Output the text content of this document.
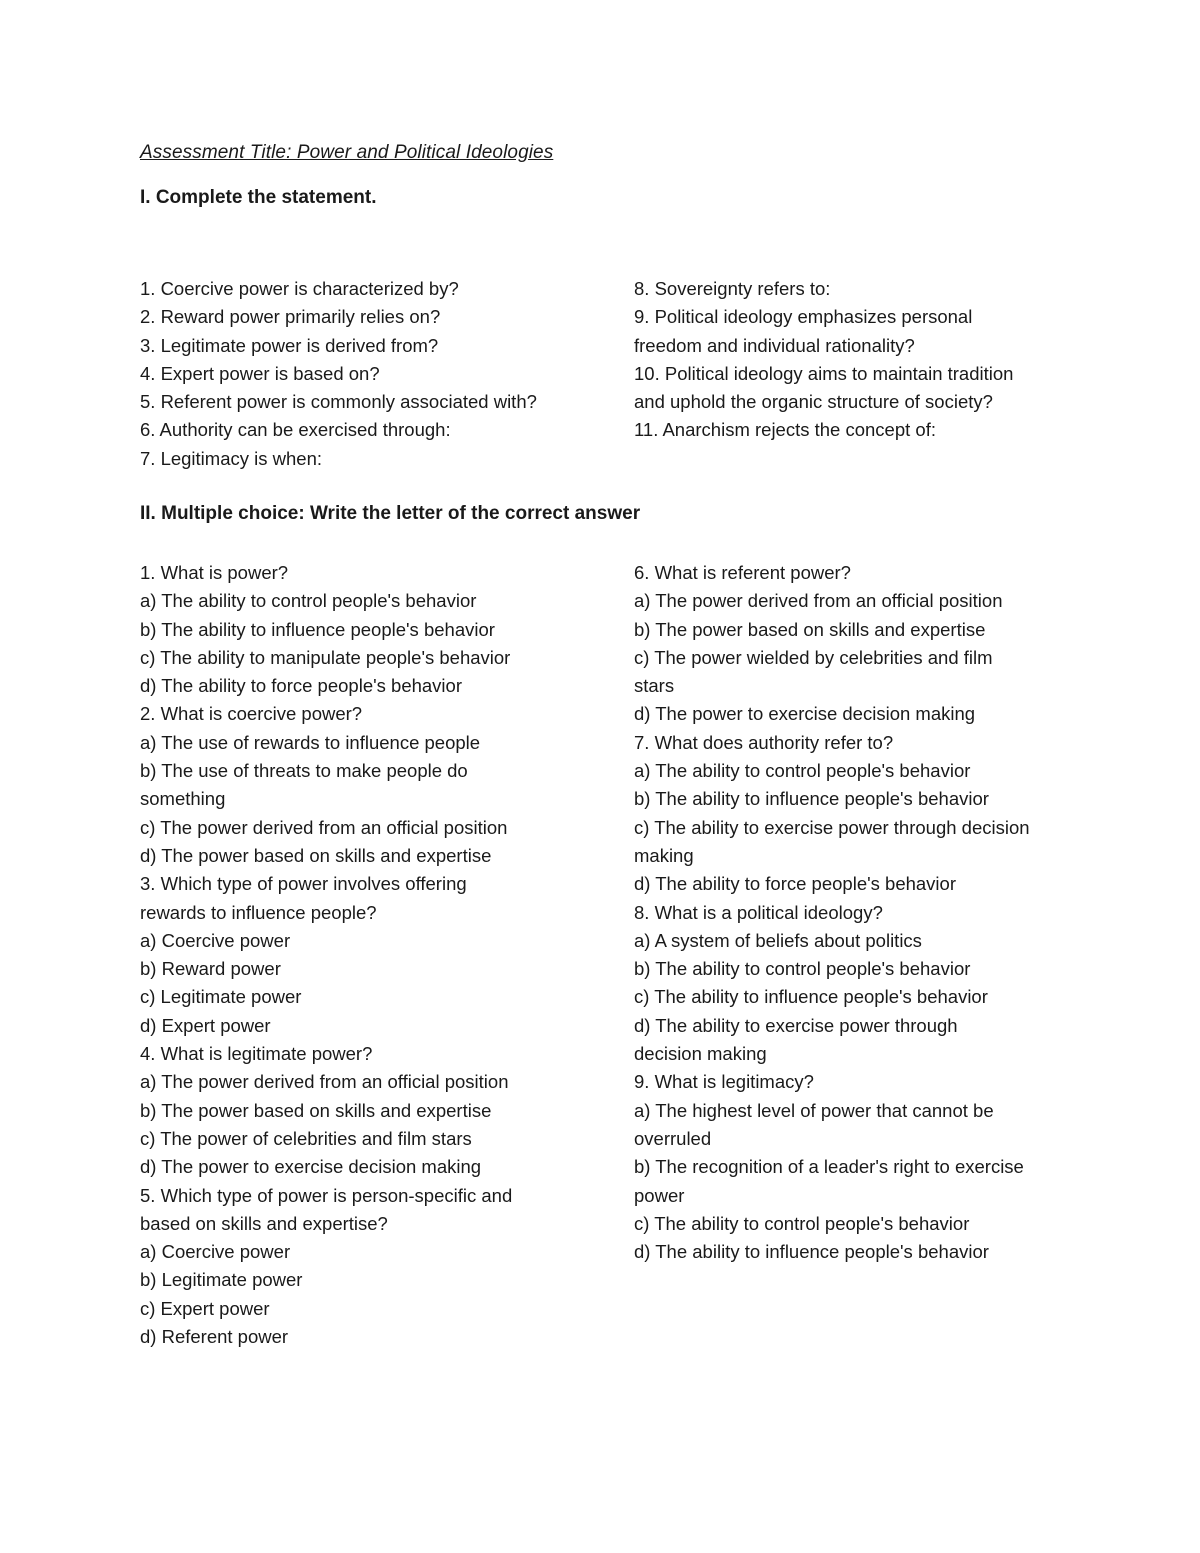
Assessment Title: Power and Political Ideologies
I. Complete the statement.
1. Coercive power is characterized by?
2. Reward power primarily relies on?
3. Legitimate power is derived from?
4. Expert power is based on?
5. Referent power is commonly associated with?
6. Authority can be exercised through:
7. Legitimacy is when:
8. Sovereignty refers to:
9. Political ideology emphasizes personal
freedom and individual rationality?
10. Political ideology aims to maintain tradition
and uphold the organic structure of society?
11. Anarchism rejects the concept of:
II. Multiple choice: Write the letter of the correct answer
1. What is power?
a) The ability to control people's behavior
b) The ability to influence people's behavior
c) The ability to manipulate people's behavior
d) The ability to force people's behavior
2. What is coercive power?
a) The use of rewards to influence people
b) The use of threats to make people do
something
c) The power derived from an official position
d) The power based on skills and expertise
3. Which type of power involves offering
rewards to influence people?
a) Coercive power
b) Reward power
c) Legitimate power
d) Expert power
4. What is legitimate power?
a) The power derived from an official position
b) The power based on skills and expertise
c) The power of celebrities and film stars
d) The power to exercise decision making
5. Which type of power is person-specific and
based on skills and expertise?
a) Coercive power
b) Legitimate power
c) Expert power
d) Referent power
6. What is referent power?
a) The power derived from an official position
b) The power based on skills and expertise
c) The power wielded by celebrities and film
stars
d) The power to exercise decision making
7. What does authority refer to?
a) The ability to control people's behavior
b) The ability to influence people's behavior
c) The ability to exercise power through decision
making
d) The ability to force people's behavior
8. What is a political ideology?
a) A system of beliefs about politics
b) The ability to control people's behavior
c) The ability to influence people's behavior
d) The ability to exercise power through
decision making
9. What is legitimacy?
a) The highest level of power that cannot be
overruled
b) The recognition of a leader's right to exercise
power
c) The ability to control people's behavior
d) The ability to influence people's behavior
